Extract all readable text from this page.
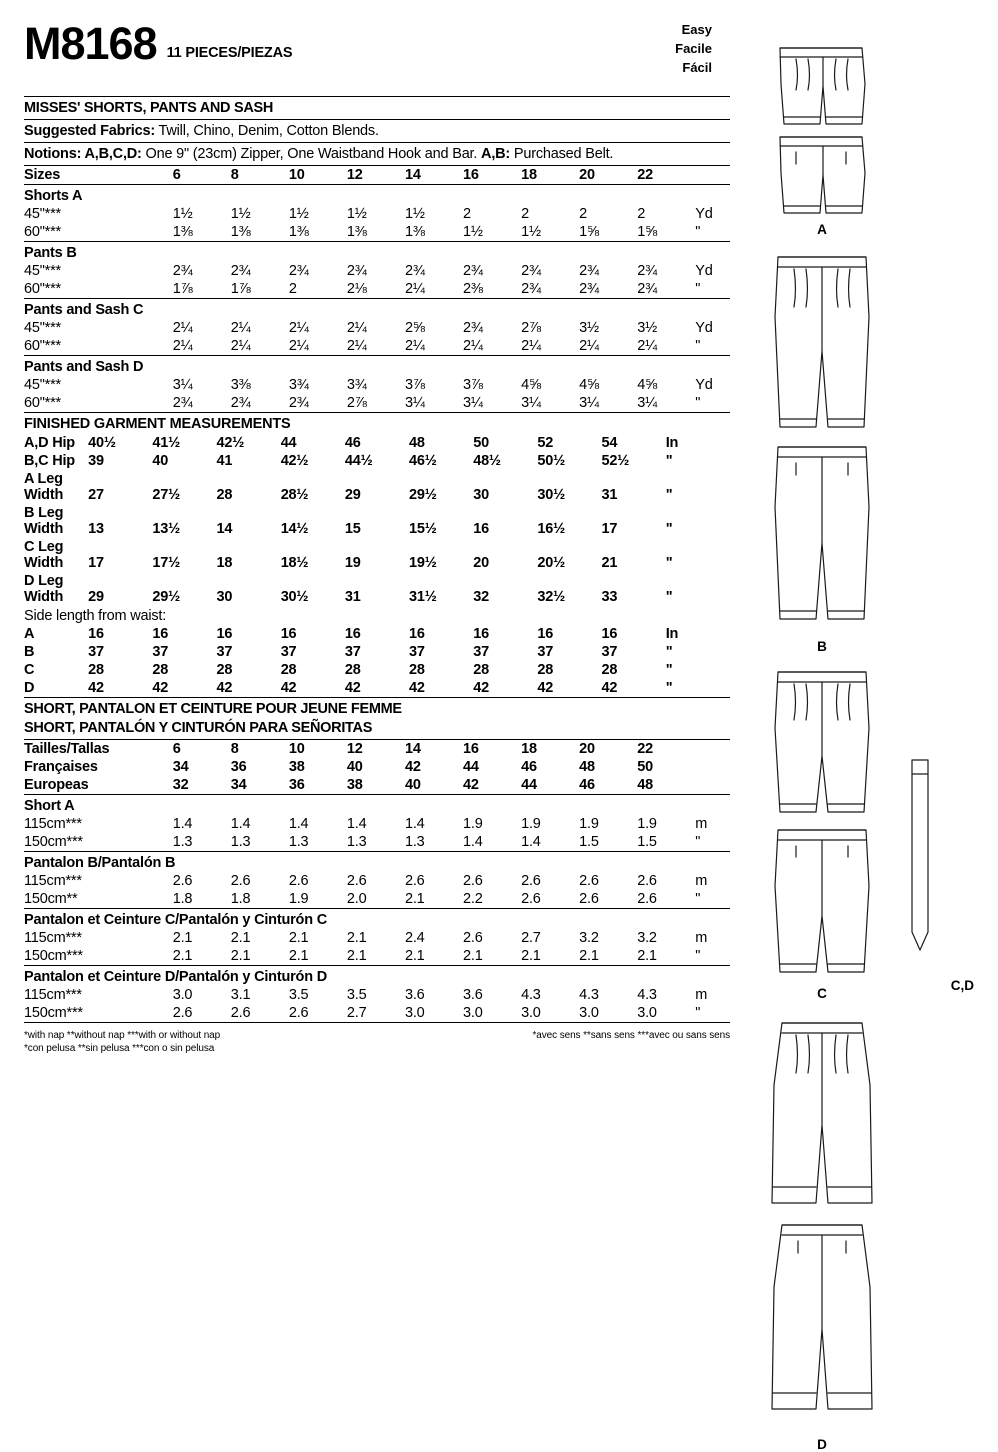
M8168 11 PIECES/PIEZAS
Easy
Facile
Fácil
MISSES' SHORTS, PANTS AND SASH
Suggested Fabrics: Twill, Chino, Denim, Cotton Blends.
Notions: A,B,C,D: One 9" (23cm) Zipper, One Waistband Hook and Bar. A,B: Purchased Belt.
Sizes	6	8	10	12	14	16	18	20	22	
Shorts A										
45"***	1½	1½	1½	1½	1½	2	2	2	2	Yd
60"***	1⅜	1⅜	1⅜	1⅜	1⅜	1½	1½	1⅝	1⅝	"
Pants B										
45"***	2¾	2¾	2¾	2¾	2¾	2¾	2¾	2¾	2¾	Yd
60"***	1⅞	1⅞	2	2⅛	2¼	2⅜	2¾	2¾	2¾	"
Pants and Sash C										
45"***	2¼	2¼	2¼	2¼	2⅝	2¾	2⅞	3½	3½	Yd
60"***	2¼	2¼	2¼	2¼	2¼	2¼	2¼	2¼	2¼	"
Pants and Sash D										
45"***	3¼	3⅜	3¾	3¾	3⅞	3⅞	4⅝	4⅝	4⅝	Yd
60"***	2¾	2¾	2¾	2⅞	3¼	3¼	3¼	3¼	3¼	"
FINISHED GARMENT MEASUREMENTS										
A,D Hip	40½	41½	42½	44	46	48	50	52	54	In
B,C Hip	39	40	41	42½	44½	46½	48½	50½	52½	"
A Leg Width	27	27½	28	28½	29	29½	30	30½	31	"
B Leg Width	13	13½	14	14½	15	15½	16	16½	17	"
C Leg Width	17	17½	18	18½	19	19½	20	20½	21	"
D Leg Width	29	29½	30	30½	31	31½	32	32½	33	"
Side length from waist:										
A	16	16	16	16	16	16	16	16	16	In
B	37	37	37	37	37	37	37	37	37	"
C	28	28	28	28	28	28	28	28	28	"
D	42	42	42	42	42	42	42	42	42	"
SHORT, PANTALON ET CEINTURE POUR JEUNE FEMME
SHORT, PANTALÓN Y CINTURÓN PARA SEÑORITAS
Tailles/Tallas	6	8	10	12	14	16	18	20	22	
Françaises	34	36	38	40	42	44	46	48	50	
Europeas	32	34	36	38	40	42	44	46	48	
Short A										
115cm***	1.4	1.4	1.4	1.4	1.4	1.9	1.9	1.9	1.9	m
150cm***	1.3	1.3	1.3	1.3	1.3	1.4	1.4	1.5	1.5	"
Pantalon B/Pantalón B										
115cm***	2.6	2.6	2.6	2.6	2.6	2.6	2.6	2.6	2.6	m
150cm**	1.8	1.8	1.9	2.0	2.1	2.2	2.6	2.6	2.6	"
Pantalon et Ceinture C/Pantalón y Cinturón C										
115cm***	2.1	2.1	2.1	2.1	2.4	2.6	2.7	3.2	3.2	m
150cm***	2.1	2.1	2.1	2.1	2.1	2.1	2.1	2.1	2.1	"
Pantalon et Ceinture D/Pantalón y Cinturón D										
115cm***	3.0	3.1	3.5	3.5	3.6	3.6	4.3	4.3	4.3	m
150cm***	2.6	2.6	2.6	2.7	3.0	3.0	3.0	3.0	3.0	"
*with nap **without nap ***with or without nap
*con pelusa **sin pelusa ***con o sin pelusa
*avec sens **sans sens ***avec ou sans sens
A
B
C
C,D
D
